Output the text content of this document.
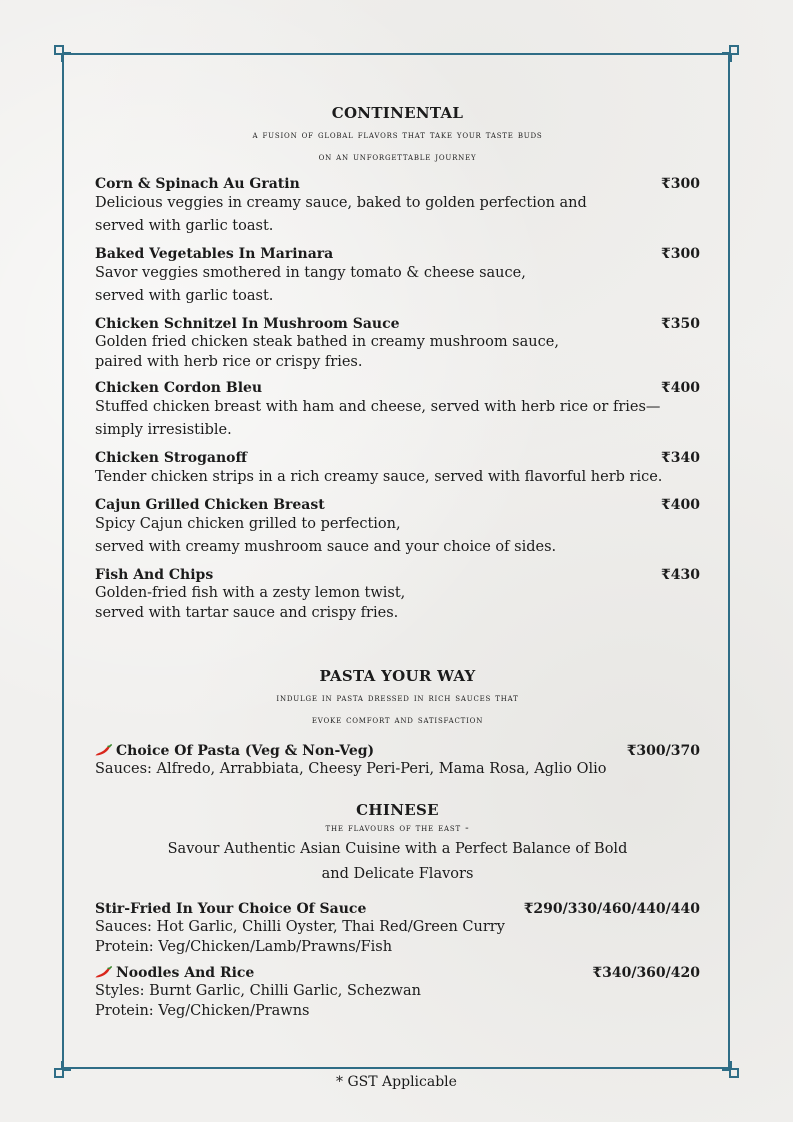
CONTINENTAL

a fusion of global flavors that take your taste buds

on an unforgettable journey

Corn & Spinach Au Gratin	₹300
Delicious veggies in creamy sauce, baked to golden perfection and
served with garlic toast.
Baked Vegetables In Marinara	₹300
Savor veggies smothered in tangy tomato & cheese sauce,
served with garlic toast.
Chicken Schnitzel In Mushroom Sauce	₹350
Golden fried chicken steak bathed in creamy mushroom sauce,
paired with herb rice or crispy fries.
Chicken Cordon Bleu	₹400
Stuffed chicken breast with ham and cheese, served with herb rice or fries—
simply irresistible.
Chicken Stroganoff	₹340
Tender chicken strips in a rich creamy sauce, served with flavorful herb rice.
Cajun Grilled Chicken Breast	₹400
Spicy Cajun chicken grilled to perfection,
served with creamy mushroom sauce and your choice of sides.
Fish And Chips	₹430
Golden-fried fish with a zesty lemon twist,
served with tartar sauce and crispy fries.
PASTA YOUR WAY

indulge in pasta dressed in rich sauces that

evoke comfort and satisfaction

Choice Of Pasta (Veg & Non-Veg)	₹300/370
Sauces: Alfredo, Arrabbiata, Cheesy Peri-Peri, Mama Rosa, Aglio Olio
CHINESE

the flavours of the east -

Savour Authentic Asian Cuisine with a Perfect Balance of Bold

and Delicate Flavors

Stir-Fried In Your Choice Of Sauce	₹290/330/460/440/440
Sauces: Hot Garlic, Chilli Oyster, Thai Red/Green Curry
Protein: Veg/Chicken/Lamb/Prawns/Fish
Noodles And Rice	₹340/360/420
Styles: Burnt Garlic, Chilli Garlic, Schezwan
Protein: Veg/Chicken/Prawns
* GST Applicable
